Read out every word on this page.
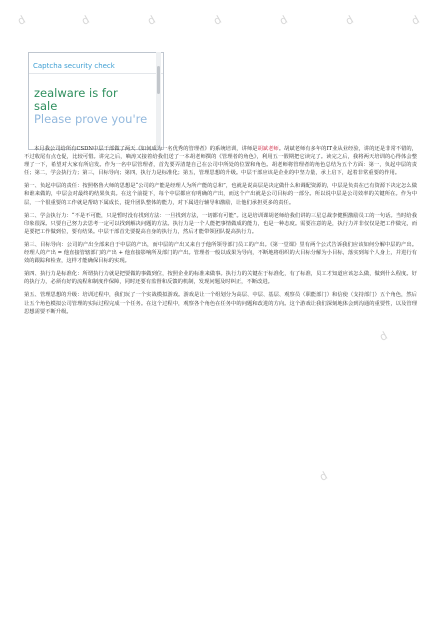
d	d	d	d	d	d	d
d
d
Captcha security check
zealware is for
sale
Please prove you're

本月我公司给所有CSDN中层干部做了两天《如何成为一名优秀的管理者》的系统培训，讲师是胡斌老师。胡斌老师有多年的IT业从业经验，讲的还是非常不错的，不过收尾有点仓促，比较可惜。讲完之后，嘀涛又接着给我们送了一本胡老师撰的《管理者的角色》，利用五一假期把它读完了。读完之后，我将两天培训的心得体会整理了一下，希望对大家有所启发。作为一名中层管理者，首先要弄清楚自己在公司中所处的位置和角色。胡老师将管理者的角色总结为五个方面：第一，负起中层的责任；第二，学会执行力；第三，目标导向；第四，执行力是标准化；第五，管理思想的升级。中层干部应该是企业的中坚力量，承上启下，起着非常重要的作用。

第一、负起中层的责任：按照格鲁大师的思想是“公司的产能是经理人为所产能的总和”，也就是说高层是决定做什么和调配资源的，中层是负责在已有资源下决定怎么做和谁来做的，中层会对最终的结果负责。在这个前提下，每个中层都应有明确的产出，而这个产出就是公司目标的一部分。所以说中层是公司效率的关键所在。作为中层，一个很重要的工作就是帮助下属成长，提升团队整体的能力，对下属进行辅导和激励，让他们承担更多的责任。

第二、学会执行力：“不是不可能，只是暂时没有找到方法：一旦找到方法，一切都有可能”。这是培训课胡老师给我们讲的三星总裁李健熙激励员工的一句话。当时给我印象很深。只要自己努力去思考一定可以找到解决问题的方法。执行力是一个人能把事情做成的能力，也是一种态度。需要注意的是，执行力并非仅仅是把工作做完，而是要把工作做到位，要有结果。中层干部首先要提高自身的执行力，然后才能带领团队提高执行力。

第三、目标导向：公司的产出全部来自于中层的产出，而中层的产出又来自于他所领导部门员工的产出。《第一堂课》里有两个公式告诉我们应该如何分解中层的产出。经理人的产出 = 他直接管辖部门的产出 + 他直接影响所及部门的产出。管理者一般以成果为导向，不断地将组织的大目标分解为小目标，落实到每个人身上，并进行有效的跟踪和检查，这样才能确保目标的实现。

第四、执行力是标准化：所谓执行力就是把要做的事做到位，按照企业的标准来做事。执行力的关键在于标准化，有了标准，员工才知道应该怎么做，做到什么程度。好的执行力，必须有好的流程和制度作保障，同时还要有监督和反馈的机制，发现问题及时纠正，不断改进。

第五、管理思想的升级：培训过程中，我们玩了一个实战模拟游戏。游戏是让一个组划分为高层、中层、基层、观察员（职能部门）和信使（支持部门）五个角色，然后让五个角色模拟公司管理的实际过程完成一个任务。在这个过程中，观察各个角色在任务中的问题和改进的方向。这个游戏让我们深刻地体会到沟通的重要性，以及管理思想需要不断升级。
